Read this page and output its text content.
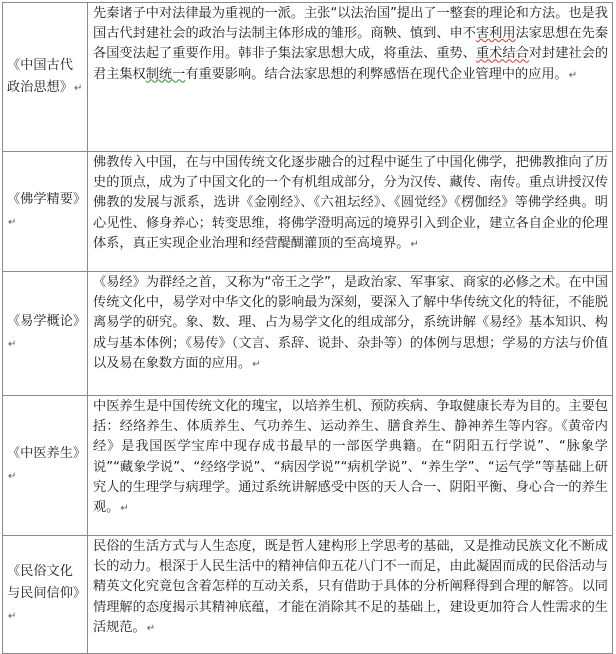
《中国古代政治思想》↵	先秦诸子中对法律最为重视的一派。主张“以法治国”提出了一整套的理论和方法。也是我国古代封建社会的政治与法制主体形成的雏形。商鞅、慎到、申不害利用法家思想在先秦各国变法起了重要作用。韩非子集法家思想大成，将重法、重势、重术结合对封建社会的君主集权制统一有重要影响。结合法家思想的利弊感悟在现代企业管理中的应用。↵
《佛学精要》↵	佛教传入中国，在与中国传统文化逐步融合的过程中诞生了中国化佛学，把佛教推向了历史的顶点，成为了中国文化的一个有机组成部分，分为汉传、藏传、南传。重点讲授汉传佛教的发展与派系，选讲《金刚经》、《六祖坛经》、《圆觉经》《楞伽经》等佛学经典。明心见性、修身养心；转变思维，将佛学澄明高远的境界引入到企业，建立各自企业的伦理体系，真正实现企业治理和经营醍醐灌顶的至高境界。↵
《易学概论》↵	《易经》为群经之首，又称为“帝王之学”，是政治家、军事家、商家的必修之术。在中国传统文化中，易学对中华文化的影响最为深刻，要深入了解中华传统文化的特征，不能脱离易学的研究。象、数、理、占为易学文化的组成部分，系统讲解《易经》基本知识、构成与基本体例；《易传》（文言、系辞、说卦、杂卦等）的体例与思想；学易的方法与价值以及易在象数方面的应用。↵
《中医养生》↵	中医养生是中国传统文化的瑰宝，以培养生机、预防疾病、争取健康长寿为目的。主要包括：经络养生、体质养生、气功养生、运动养生、膳食养生、静神养生等内容。《黄帝内经》是我国医学宝库中现存成书最早的一部医学典籍。在“阴阳五行学说”、“脉象学说”“藏象学说”、“经络学说”、“病因学说”“病机学说”、“养生学”、“运气学”等基础上研究人的生理学与病理学。通过系统讲解感受中医的天人合一、阴阳平衡、身心合一的养生观。↵
《民俗文化与民间信仰》↵	民俗的生活方式与人生态度，既是哲人建构形上学思考的基础，又是推动民族文化不断成长的动力。根深于人民生活中的精神信仰五花八门不一而足，由此凝固而成的民俗活动与精英文化究竟包含着怎样的互动关系，只有借助于具体的分析阐释得到合理的解答。以同情理解的态度揭示其精神底蕴，才能在消除其不足的基础上，建设更加符合人性需求的生活规范。↵
